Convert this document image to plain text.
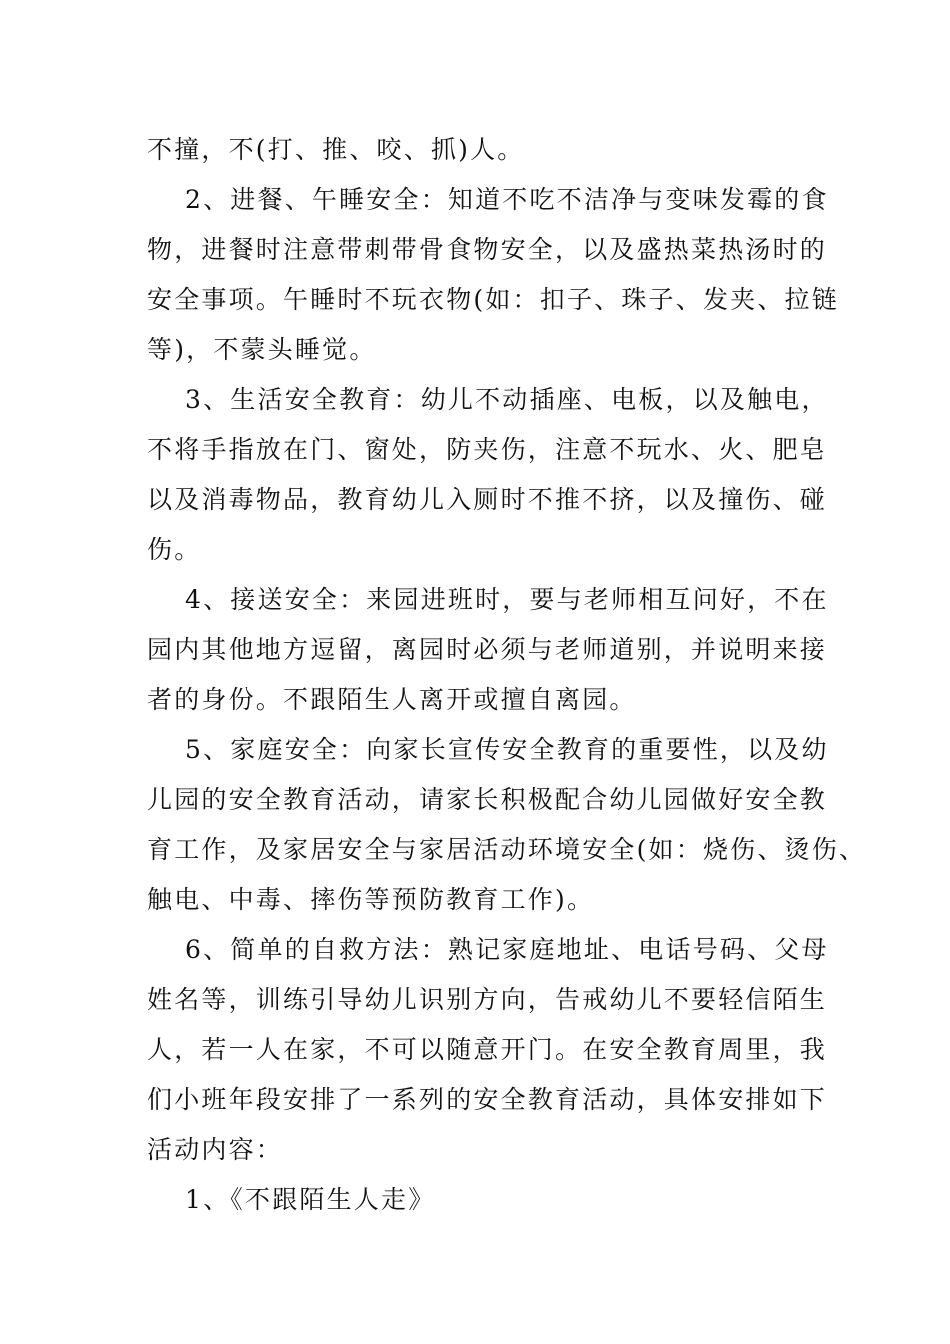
不撞，不(打、推、咬、抓)人。
2、进餐、午睡安全：知道不吃不洁净与变味发霉的食
物，进餐时注意带刺带骨食物安全，以及盛热菜热汤时的
安全事项。午睡时不玩衣物(如：扣子、珠子、发夹、拉链
等)，不蒙头睡觉。
3、生活安全教育：幼儿不动插座、电板，以及触电，
不将手指放在门、窗处，防夹伤，注意不玩水、火、肥皂
以及消毒物品，教育幼儿入厕时不推不挤，以及撞伤、碰
伤。
4、接送安全：来园进班时，要与老师相互问好，不在
园内其他地方逗留，离园时必须与老师道别，并说明来接
者的身份。不跟陌生人离开或擅自离园。
5、家庭安全：向家长宣传安全教育的重要性，以及幼
儿园的安全教育活动，请家长积极配合幼儿园做好安全教
育工作，及家居安全与家居活动环境安全(如：烧伤、烫伤、
触电、中毒、摔伤等预防教育工作)。
6、简单的自救方法：熟记家庭地址、电话号码、父母
姓名等，训练引导幼儿识别方向，告戒幼儿不要轻信陌生
人，若一人在家，不可以随意开门。在安全教育周里，我
们小班年段安排了一系列的安全教育活动，具体安排如下
活动内容：
1、《不跟陌生人走》
